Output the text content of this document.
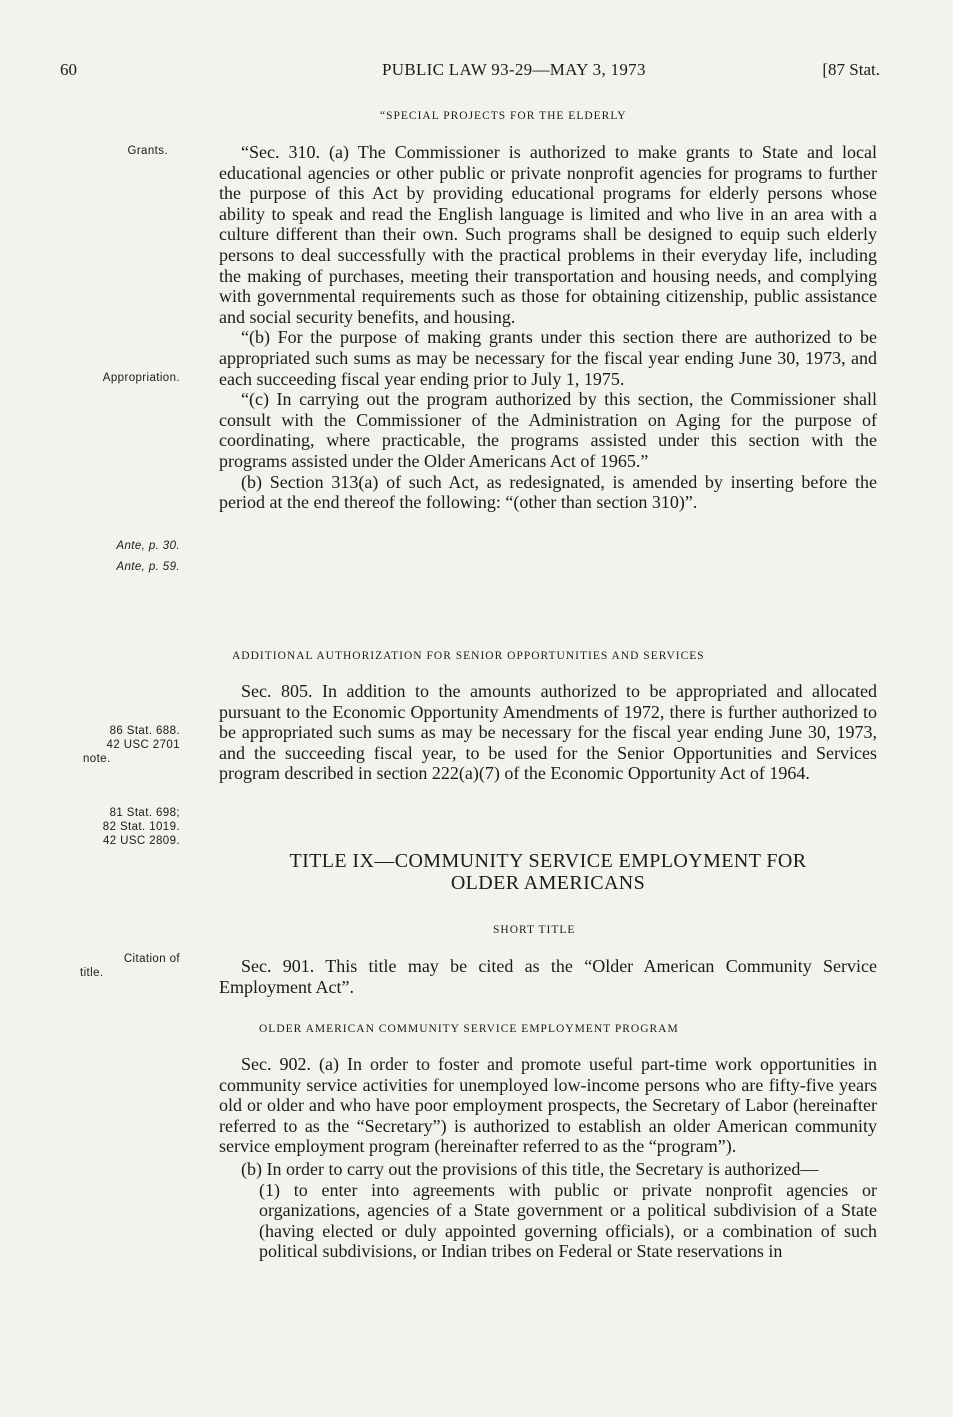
60	PUBLIC LAW 93-29—MAY 3, 1973	[87 Stat.
Grants.
Appropriation.
Ante, p. 30.
Ante, p. 59.
86 Stat. 688.
42 USC 2701
note.
81 Stat. 698;
82 Stat. 1019.
42 USC 2809.
Citation of
title.
“SPECIAL PROJECTS FOR THE ELDERLY

“Sec. 310. (a) The Commissioner is authorized to make grants to State and local educational agencies or other public or private nonprofit agencies for programs to further the purpose of this Act by providing educational programs for elderly persons whose ability to speak and read the English language is limited and who live in an area with a culture different than their own. Such programs shall be designed to equip such elderly persons to deal successfully with the practical problems in their everyday life, including the making of purchases, meeting their transportation and housing needs, and complying with governmental requirements such as those for obtaining citizenship, public assistance and social security benefits, and housing.

“(b) For the purpose of making grants under this section there are authorized to be appropriated such sums as may be necessary for the fiscal year ending June 30, 1973, and each succeeding fiscal year ending prior to July 1, 1975.

“(c) In carrying out the program authorized by this section, the Commissioner shall consult with the Commissioner of the Administration on Aging for the purpose of coordinating, where practicable, the programs assisted under this section with the programs assisted under the Older Americans Act of 1965.”

(b) Section 313(a) of such Act, as redesignated, is amended by inserting before the period at the end thereof the following: “(other than section 310)”.

ADDITIONAL AUTHORIZATION FOR SENIOR OPPORTUNITIES AND SERVICES

Sec. 805. In addition to the amounts authorized to be appropriated and allocated pursuant to the Economic Opportunity Amendments of 1972, there is further authorized to be appropriated such sums as may be necessary for the fiscal year ending June 30, 1973, and the succeeding fiscal year, to be used for the Senior Opportunities and Services program described in section 222(a)(7) of the Economic Opportunity Act of 1964.

TITLE IX—COMMUNITY SERVICE EMPLOYMENT FOR
OLDER AMERICANS
SHORT TITLE

Sec. 901. This title may be cited as the “Older American Community Service Employment Act”.

OLDER AMERICAN COMMUNITY SERVICE EMPLOYMENT PROGRAM

Sec. 902. (a) In order to foster and promote useful part-time work opportunities in community service activities for unemployed low-income persons who are fifty-five years old or older and who have poor employment prospects, the Secretary of Labor (hereinafter referred to as the “Secretary”) is authorized to establish an older American community service employment program (hereinafter referred to as the “program”).

(b) In order to carry out the provisions of this title, the Secretary is authorized—

(1) to enter into agreements with public or private nonprofit agencies or organizations, agencies of a State government or a political subdivision of a State (having elected or duly appointed governing officials), or a combination of such political subdivisions, or Indian tribes on Federal or State reservations in
